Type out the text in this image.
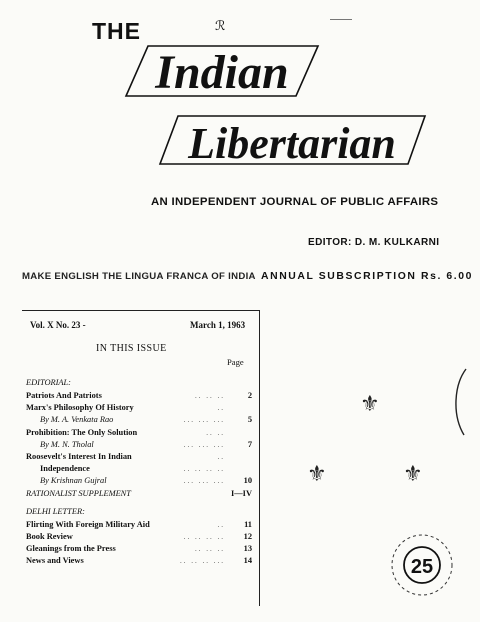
THE	ℛ
Indian
Libertarian
AN INDEPENDENT JOURNAL OF PUBLIC AFFAIRS
EDITOR: D. M. KULKARNI
MAKE ENGLISH THE LINGUA FRANCA OF INDIA ANNUAL SUBSCRIPTION Rs. 6.00
Vol. X No. 23 -	March 1, 1963
IN THIS ISSUE
Page
EDITORIAL:
Patriots And Patriots	.. .. ..	2
Marx's Philosophy Of History	..
By M. A. Venkata Rao	... ... ...	5
Prohibition: The Only Solution	.. ..
By M. N. Tholal	... ... ...	7
Roosevelt's Interest In Indian	..
Independence	.. .. .. ..
By Krishnan Gujral	... ... ...	10
RATIONALIST SUPPLEMENT	I—IV
DELHI LETTER:
Flirting With Foreign Military Aid	..	11
Book Review	.. .. .. ..	12
Gleanings from the Press	.. .. ..	13
News and Views	.. .. .. ...	14
⚜
⚜	⚜
25
